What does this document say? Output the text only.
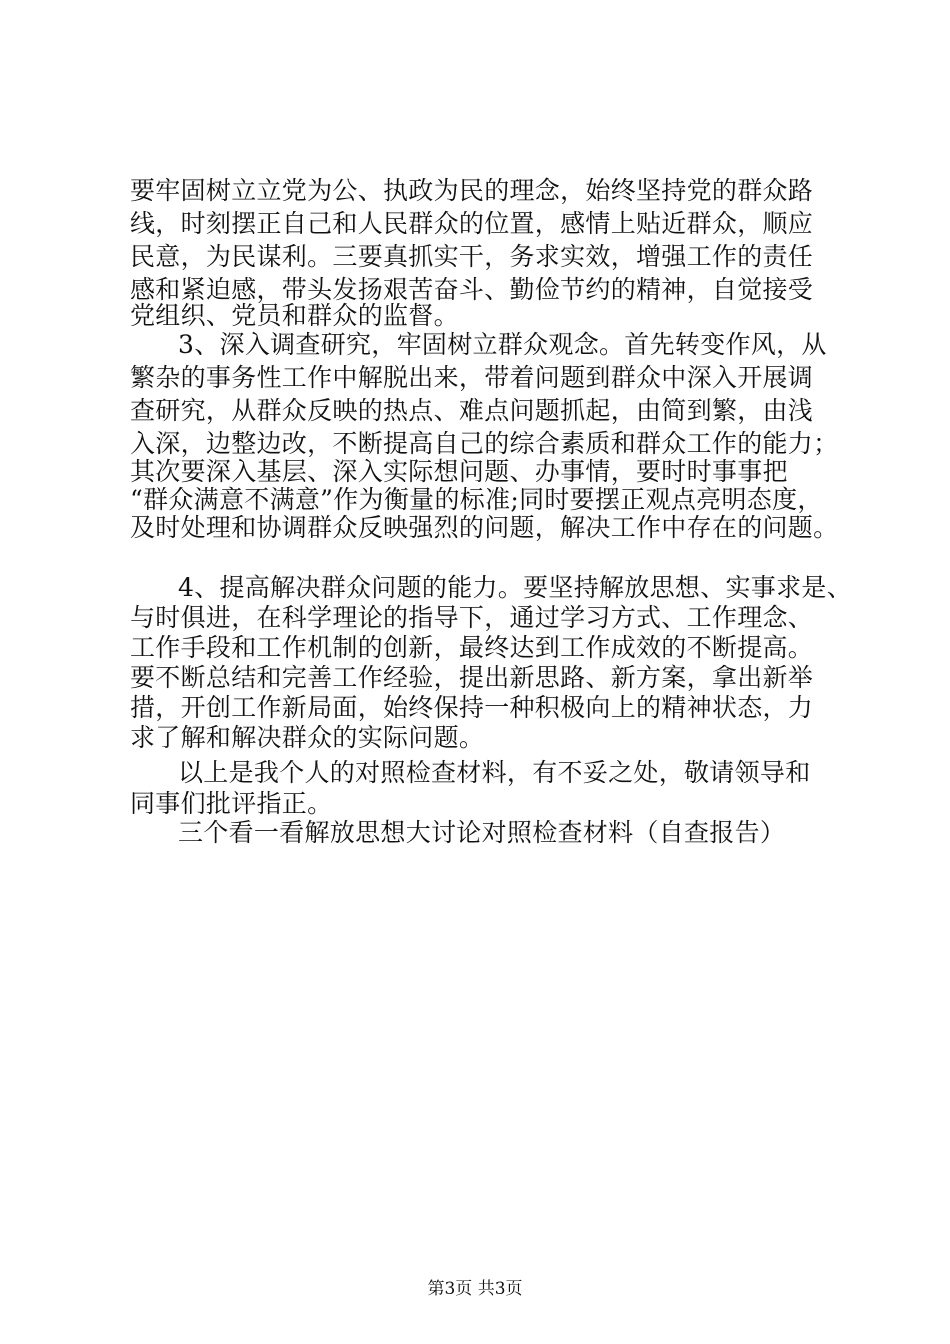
要牢固树立立党为公、执政为民的理念，始终坚持党的群众路
线，时刻摆正自己和人民群众的位置，感情上贴近群众，顺应
民意，为民谋利。三要真抓实干，务求实效，增强工作的责任
感和紧迫感，带头发扬艰苦奋斗、勤俭节约的精神，自觉接受
党组织、党员和群众的监督。
3、深入调查研究，牢固树立群众观念。首先转变作风，从
繁杂的事务性工作中解脱出来，带着问题到群众中深入开展调
查研究，从群众反映的热点、难点问题抓起，由简到繁，由浅
入深，边整边改，不断提高自己的综合素质和群众工作的能力；
其次要深入基层、深入实际想问题、办事情，要时时事事把
“群众满意不满意”作为衡量的标准;同时要摆正观点亮明态度，
及时处理和协调群众反映强烈的问题，解决工作中存在的问题。
4、提高解决群众问题的能力。要坚持解放思想、实事求是、
与时俱进，在科学理论的指导下，通过学习方式、工作理念、
工作手段和工作机制的创新，最终达到工作成效的不断提高。
要不断总结和完善工作经验，提出新思路、新方案，拿出新举
措，开创工作新局面，始终保持一种积极向上的精神状态，力
求了解和解决群众的实际问题。
以上是我个人的对照检查材料，有不妥之处，敬请领导和
同事们批评指正。
三个看一看解放思想大讨论对照检查材料（自查报告）
第3页 共3页
